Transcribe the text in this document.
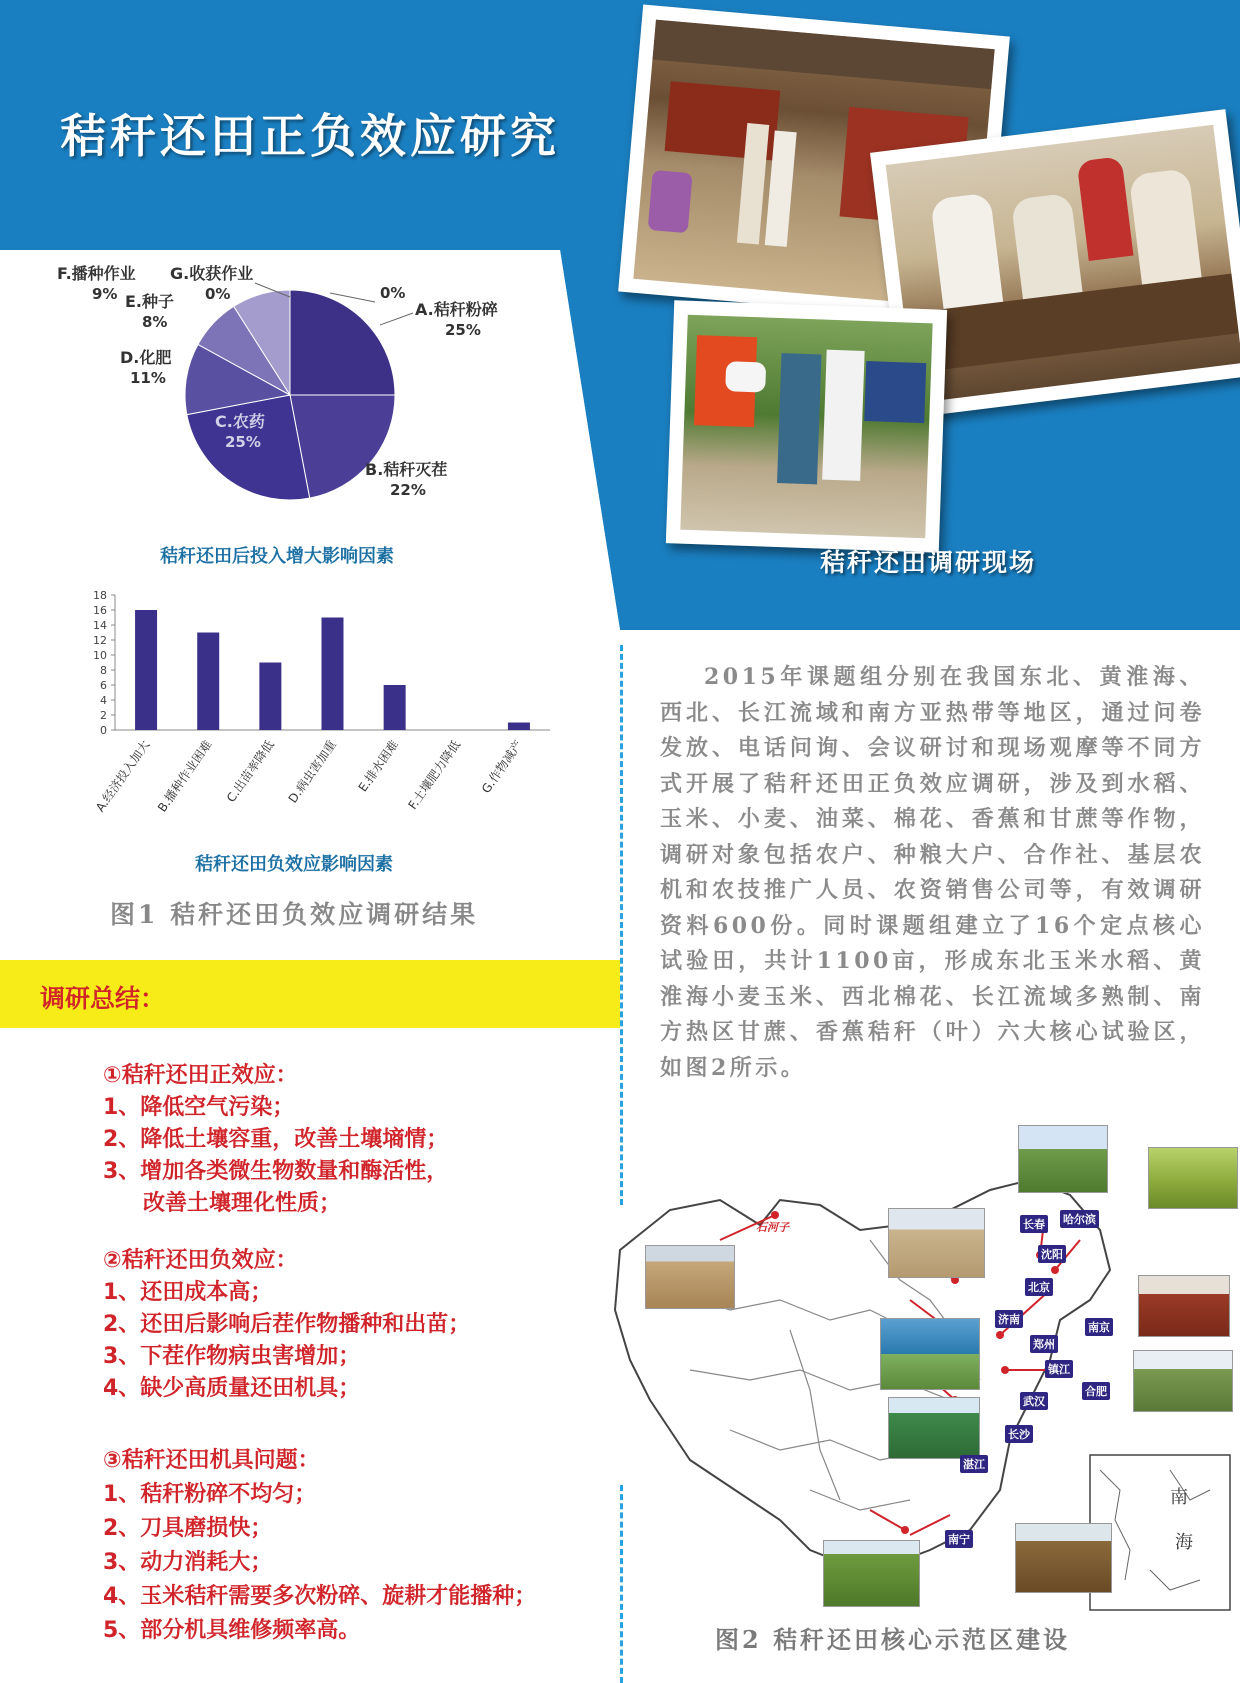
秸秆还田正负效应研究
秸秆还田调研现场
A.秸秆粉碎
25%
B.秸秆灭茬
22%
C.农药
25%
D.化肥
11%
E.种子
8%
F.播种作业
9%
G.收获作业
0%	0%
秸秆还田后投入增大影响因素
0
2
4
6
8
10
12
14
16
18
A.经济投入加大 B.播种作业困难 C.出苗率降低 D.病虫害加重 E.排水困难 F.土壤肥力降低 G.作物减产
秸秆还田负效应影响因素
图1 秸秆还田负效应调研结果
调研总结：
①秸秆还田正效应：
1、降低空气污染；
2、降低土壤容重，改善土壤墒情；
3、增加各类微生物数量和酶活性，
改善土壤理化性质；
②秸秆还田负效应：
1、还田成本高；
2、还田后影响后茬作物播种和出苗；
3、下茬作物病虫害增加；
4、缺少高质量还田机具；
③秸秆还田机具问题：
1、秸秆粉碎不均匀；
2、刀具磨损快；
3、动力消耗大；
4、玉米秸秆需要多次粉碎、旋耕才能播种；
5、部分机具维修频率高。

2015年课题组分别在我国东北、黄淮海、西北、长江流域和南方亚热带等地区，通过问卷发放、电话问询、会议研讨和现场观摩等不同方式开展了秸秆还田正负效应调研，涉及到水稻、玉米、小麦、油菜、棉花、香蕉和甘蔗等作物，调研对象包括农户、种粮大户、合作社、基层农机和农技推广人员、农资销售公司等，有效调研资料600份。同时课题组建立了16个定点核心试验田，共计1100亩，形成东北玉米水稻、黄淮海小麦玉米、西北棉花、长江流域多熟制、南方热区甘蔗、香蕉秸秆（叶）六大核心试验区，如图2所示。

南
海
石河子
哈尔滨
长春
沈阳
北京
济南
郑州
南京
镇江
合肥
武汉
长沙
湛江
南宁
图2 秸秆还田核心示范区建设
